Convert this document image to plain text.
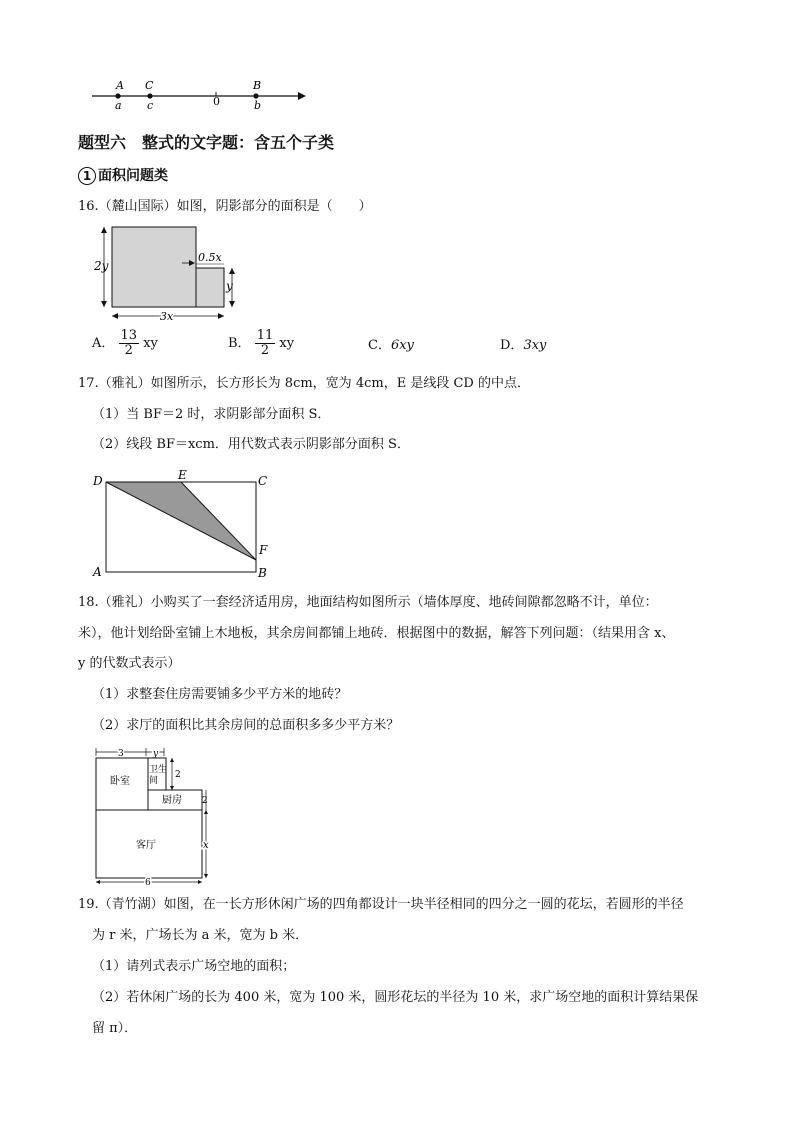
A C	B
a c	0	b
题型六　整式的文字题：含五个子类
1 面积问题类
16.（麓山国际）如图，阴影部分的面积是（　　）
2y
0.5x
y
3x
A． $\frac{13}{2}$ xy	B． $\frac{11}{2}$ xy	C．6xy	D．3xy
17.（雅礼）如图所示，长方形长为 8cm，宽为 4cm，E 是线段 CD 的中点．
（1）当 BF＝2 时，求阴影部分面积 S．
（2）线段 BF＝xcm．用代数式表示阴影部分面积 S．
D	E	C
A
F
B
18.（雅礼）小购买了一套经济适用房，地面结构如图所示（墙体厚度、地砖间隙都忽略不计，单位：
米），他计划给卧室铺上木地板，其余房间都铺上地砖．根据图中的数据，解答下列问题：（结果用含 x、
y 的代数式表示）
（1）求整套住房需要铺多少平方米的地砖？
（2）求厅的面积比其余房间的总面积多多少平方米？
3	y
卧室
卫生
间
厨房
客厅
2
2
x
6
19.（青竹湖）如图，在一长方形休闲广场的四角都设计一块半径相同的四分之一圆的花坛，若圆形的半径
为 r 米，广场长为 a 米，宽为 b 米．
（1）请列式表示广场空地的面积；
（2）若休闲广场的长为 400 米，宽为 100 米，圆形花坛的半径为 10 米，求广场空地的面积计算结果保
留 π）．
